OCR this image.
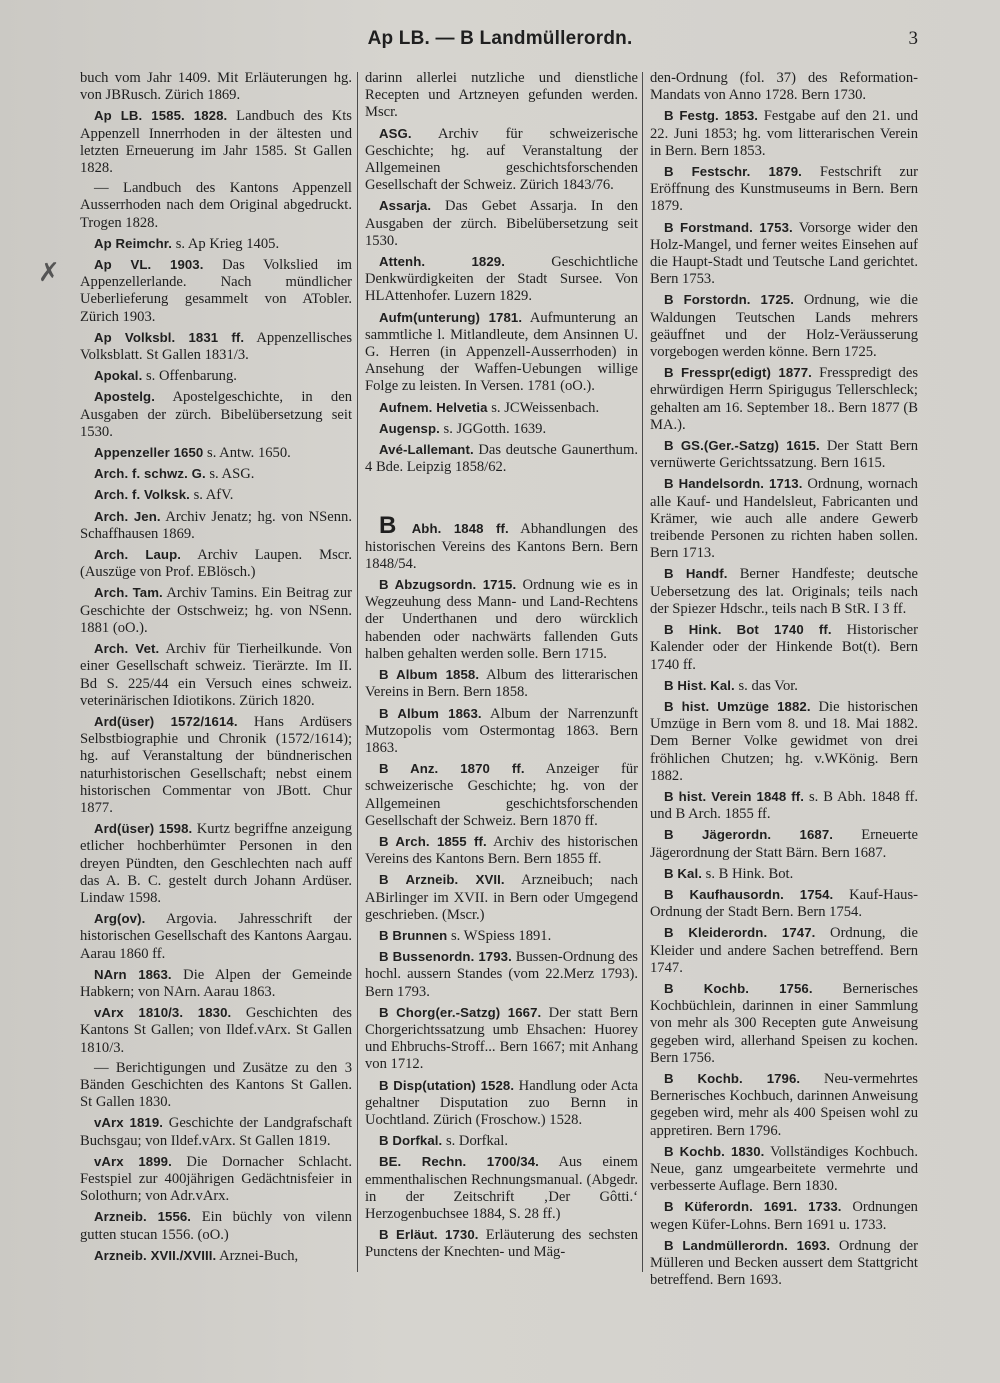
Ap LB. — B Landmüllerordn.	3
✗

buch vom Jahr 1409. Mit Erläuterungen hg. von JBRusch. Zürich 1869.

Ap LB. 1585. 1828. Landbuch des Kts Appenzell Innerrhoden in der ältesten und letzten Erneuerung im Jahr 1585. St Gallen 1828.

— Landbuch des Kantons Appenzell Ausserrhoden nach dem Original abgedruckt. Trogen 1828.

Ap Reimchr. s. Ap Krieg 1405.

Ap VL. 1903. Das Volkslied im Appenzellerlande. Nach mündlicher Ueberlieferung gesammelt von ATobler. Zürich 1903.

Ap Volksbl. 1831 ff. Appenzellisches Volksblatt. St Gallen 1831/3.

Apokal. s. Offenbarung.

Apostelg. Apostelgeschichte, in den Ausgaben der zürch. Bibelübersetzung seit 1530.

Appenzeller 1650 s. Antw. 1650.

Arch. f. schwz. G. s. ASG.

Arch. f. Volksk. s. AfV.

Arch. Jen. Archiv Jenatz; hg. von NSenn. Schaffhausen 1869.

Arch. Laup. Archiv Laupen. Mscr. (Auszüge von Prof. EBlösch.)

Arch. Tam. Archiv Tamins. Ein Beitrag zur Geschichte der Ostschweiz; hg. von NSenn. 1881 (oO.).

Arch. Vet. Archiv für Tierheilkunde. Von einer Gesellschaft schweiz. Tierärzte. Im II. Bd S. 225/44 ein Versuch eines schweiz. veterinärischen Idiotikons. Zürich 1820.

Ard(üser) 1572/1614. Hans Ardüsers Selbstbiographie und Chronik (1572/1614); hg. auf Veranstaltung der bündnerischen naturhistorischen Gesellschaft; nebst einem historischen Commentar von JBott. Chur 1877.

Ard(üser) 1598. Kurtz begriffne anzeigung etlicher hochberhümter Personen in den dreyen Pündten, den Geschlechten nach auff das A. B. C. gestelt durch Johann Ardüser. Lindaw 1598.

Arg(ov). Argovia. Jahresschrift der historischen Gesellschaft des Kantons Aargau. Aarau 1860 ff.

NArn 1863. Die Alpen der Gemeinde Habkern; von NArn. Aarau 1863.

vArx 1810/3. 1830. Geschichten des Kantons St Gallen; von Ildef.vArx. St Gallen 1810/3.

— Berichtigungen und Zusätze zu den 3 Bänden Geschichten des Kantons St Gallen. St Gallen 1830.

vArx 1819. Geschichte der Landgrafschaft Buchsgau; von Ildef.vArx. St Gallen 1819.

vArx 1899. Die Dornacher Schlacht. Festspiel zur 400jährigen Gedächtnisfeier in Solothurn; von Adr.vArx.

Arzneib. 1556. Ein büchly von vilenn gutten stucan 1556. (oO.)

Arzneib. XVII./XVIII. Arznei-Buch,

darinn allerlei nutzliche und dienstliche Recepten und Artzneyen gefunden werden. Mscr.

ASG. Archiv für schweizerische Geschichte; hg. auf Veranstaltung der Allgemeinen geschichtsforschenden Gesellschaft der Schweiz. Zürich 1843/76.

Assarja. Das Gebet Assarja. In den Ausgaben der zürch. Bibelübersetzung seit 1530.

Attenh. 1829.	Geschichtliche Denkwürdigkeiten der Stadt Sursee. Von HLAttenhofer. Luzern 1829.

Aufm(unterung) 1781. Aufmunterung an sammtliche l. Mitlandleute, dem Ansinnen U. G. Herren (in Appenzell-Ausserrhoden) in Ansehung der Waffen-Uebungen willige Folge zu leisten. In Versen. 1781 (oO.).

Aufnem. Helvetia s. JCWeissenbach.

Augensp. s. JGGotth. 1639.

Avé-Lallemant. Das deutsche Gaunerthum. 4 Bde. Leipzig 1858/62.

B Abh. 1848 ff. Abhandlungen des historischen Vereins des Kantons Bern. Bern 1848/54.

B Abzugsordn. 1715. Ordnung wie es in Wegzeuhung dess Mann- und Land-Rechtens der Underthanen und dero würcklich habenden oder nachwärts fallenden Guts halben gehalten werden solle. Bern 1715.

B Album 1858. Album des litterarischen Vereins in Bern. Bern 1858.

B Album 1863. Album der Narrenzunft Mutzopolis vom Ostermontag 1863. Bern 1863.

B Anz. 1870 ff. Anzeiger für schweizerische Geschichte; hg. von der Allgemeinen geschichtsforschenden Gesellschaft der Schweiz. Bern 1870 ff.

B Arch. 1855 ff. Archiv des historischen Vereins des Kantons Bern. Bern 1855 ff.

B Arzneib. XVII. Arzneibuch; nach ABirlinger im XVII. in Bern oder Umgegend geschrieben. (Mscr.)

B Brunnen s. WSpiess 1891.

B Bussenordn. 1793. Bussen-Ordnung des hochl. aussern Standes (vom 22.Merz 1793). Bern 1793.

B Chorg(er.-Satzg) 1667. Der statt Bern Chorgerichtssatzung umb Ehsachen: Huorey und Ehbruchs-Stroff... Bern 1667; mit Anhang von 1712.

B Disp(utation) 1528. Handlung oder Acta gehaltner Disputation zuo Bernn in Uochtland. Zürich (Froschow.) 1528.

B Dorfkal. s. Dorfkal.

BE. Rechn. 1700/34. Aus einem emmenthalischen Rechnungsmanual. (Abgedr. in der Zeitschrift ‚Der Gôtti.‘ Herzogenbuchsee 1884, S. 28 ff.)

B Erläut. 1730. Erläuterung des sechsten Punctens der Knechten- und Mäg-

den-Ordnung (fol. 37) des Reformation-Mandats von Anno 1728. Bern 1730.

B Festg. 1853. Festgabe auf den 21. und 22. Juni 1853; hg. vom litterarischen Verein in Bern. Bern 1853.

B Festschr. 1879. Festschrift zur Eröffnung des Kunstmuseums in Bern. Bern 1879.

B Forstmand. 1753. Vorsorge wider den Holz-Mangel, und ferner weites Einsehen auf die Haupt-Stadt und Teutsche Land gerichtet. Bern 1753.

B Forstordn. 1725. Ordnung, wie die Waldungen Teutschen Lands mehrers geäuffnet und der Holz-Veräusserung vorgebogen werden könne. Bern 1725.

B Fresspr(edigt) 1877. Fresspredigt des ehrwürdigen Herrn Spirigugus Tellerschleck; gehalten am 16. September 18.. Bern 1877 (B MA.).

B GS.(Ger.-Satzg) 1615. Der Statt Bern vernüwerte Gerichtssatzung. Bern 1615.

B Handelsordn. 1713. Ordnung, wornach alle Kauf- und Handelsleut, Fabricanten und Krämer, wie auch alle andere Gewerb treibende Personen zu richten haben sollen. Bern 1713.

B Handf. Berner Handfeste; deutsche Uebersetzung des lat. Originals; teils nach der Spiezer Hdschr., teils nach B StR. I 3 ff.

B Hink. Bot 1740 ff. Historischer Kalender oder der Hinkende Bot(t). Bern 1740 ff.

B Hist. Kal. s. das Vor.

B hist. Umzüge 1882. Die historischen Umzüge in Bern vom 8. und 18. Mai 1882. Dem Berner Volke gewidmet von drei fröhlichen Chutzen; hg. v.WKönig. Bern 1882.

B hist. Verein 1848 ff. s. B Abh. 1848 ff. und B Arch. 1855 ff.

B Jägerordn. 1687. Erneuerte Jägerordnung der Statt Bärn. Bern 1687.

B Kal. s. B Hink. Bot.

B Kaufhausordn. 1754. Kauf-Haus-Ordnung der Stadt Bern. Bern 1754.

B Kleiderordn. 1747. Ordnung, die Kleider und andere Sachen betreffend. Bern 1747.

B Kochb. 1756. Bernerisches Kochbüchlein, darinnen in einer Sammlung von mehr als 300 Recepten gute Anweisung gegeben wird, allerhand Speisen zu kochen. Bern 1756.

B Kochb. 1796. Neu-vermehrtes Bernerisches Kochbuch, darinnen Anweisung gegeben wird, mehr als 400 Speisen wohl zu appretiren. Bern 1796.

B Kochb. 1830. Vollständiges Kochbuch. Neue, ganz umgearbeitete vermehrte und verbesserte Auflage. Bern 1830.

B Küferordn. 1691. 1733. Ordnungen wegen Küfer-Lohns. Bern 1691 u. 1733.

B Landmüllerordn. 1693. Ordnung der Mülleren und Becken aussert dem Stattgricht betreffend. Bern 1693.
